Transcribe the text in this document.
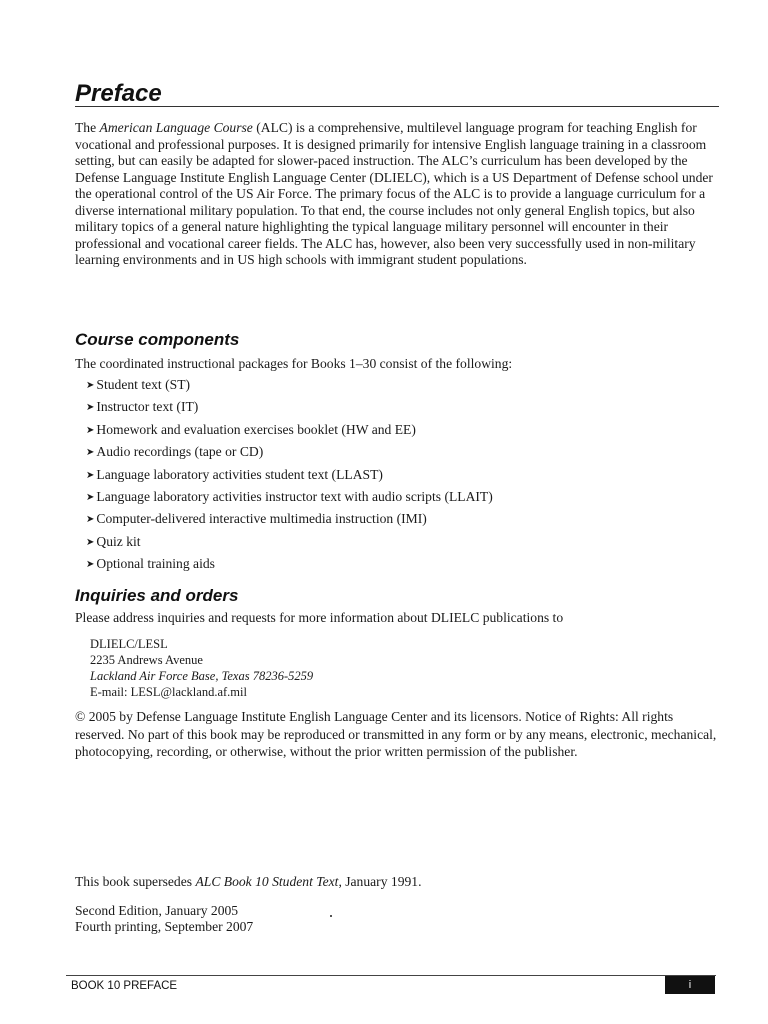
Preface

The American Language Course (ALC) is a comprehensive, multilevel language program for teaching English for vocational and professional purposes. It is designed primarily for intensive English language training in a classroom setting, but can easily be adapted for slower-paced instruction. The ALC’s curriculum has been developed by the Defense Language Institute English Language Center (DLIELC), which is a US Department of Defense school under the operational control of the US Air Force. The primary focus of the ALC is to provide a language curriculum for a diverse international military population. To that end, the course includes not only general English topics, but also military topics of a general nature highlighting the typical language military personnel will encounter in their professional and vocational career fields. The ALC has, however, also been very successfully used in non-military learning environments and in US high schools with immigrant student populations.

Course components

The coordinated instructional packages for Books 1–30 consist of the following:

➤ Student text (ST)
➤ Instructor text (IT)
➤ Homework and evaluation exercises booklet (HW and EE)
➤ Audio recordings (tape or CD)
➤ Language laboratory activities student text (LLAST)
➤ Language laboratory activities instructor text with audio scripts (LLAIT)
➤ Computer-delivered interactive multimedia instruction (IMI)
➤ Quiz kit
➤ Optional training aids
Inquiries and orders

Please address inquiries and requests for more information about DLIELC publications to

DLIELC/LESL
2235 Andrews Avenue
Lackland Air Force Base, Texas 78236-5259
E-mail: LESL@lackland.af.mil

© 2005 by Defense Language Institute English Language Center and its licensors. Notice of Rights: All rights reserved. No part of this book may be reproduced or transmitted in any form or by any means, electronic, mechanical, photocopying, recording, or otherwise, without the prior written permission of the publisher.

This book supersedes ALC Book 10 Student Text, January 1991.

Second Edition, January 2005
Fourth printing, September 2007
BOOK 10 PREFACE	i
